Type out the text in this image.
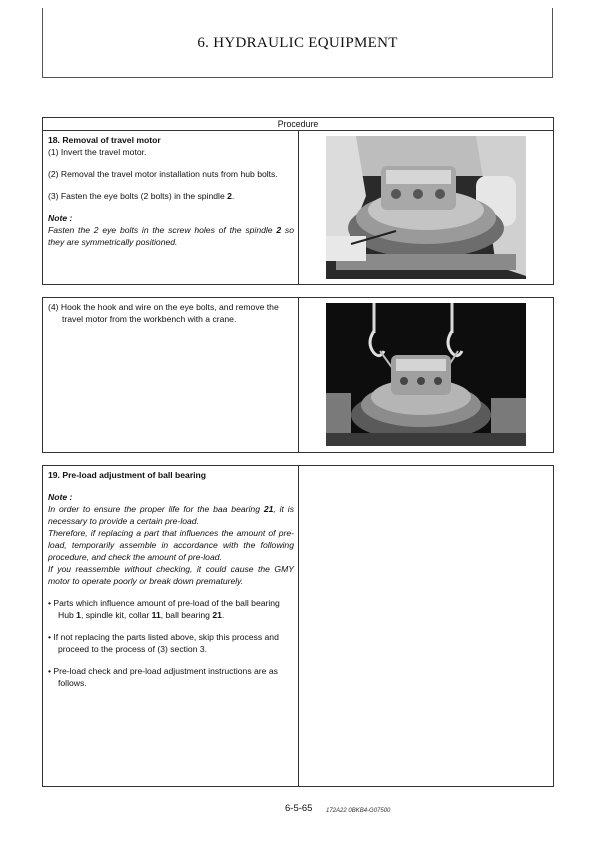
6. HYDRAULIC EQUIPMENT
Procedure

18. Removal of travel motor

(1) Invert the travel motor.

(2) Removal the travel motor installation nuts from hub bolts.

(3) Fasten the eye bolts (2 bolts) in the spindle 2.

Note :

Fasten the 2 eye bolts in the screw holes of the spindle 2 so they are symmetrically positioned.

(4) Hook the hook and wire on the eye bolts, and remove the

travel motor from the workbench with a crane.

19. Pre-load adjustment of ball bearing

Note :

In order to ensure the proper life for the baa bearing 21, it is necessary to provide a certain pre-load.

Therefore, if replacing a part that influences the amount of pre-load, temporarily assemble in accordance with the following procedure, and check the amount of pre-load.

If you reassemble without checking, it could cause the GMY motor to operate poorly or break down prematurely.

• Parts which influence amount of pre-load of the ball bearing Hub 1, spindle kit, collar 11, ball bearing 21.

• If not replacing the parts listed above, skip this process and proceed to the process of (3) section 3.

• Pre-load check and pre-load adjustment instructions are as follows.

6-5-65 172A22 0BKB4-G07500
